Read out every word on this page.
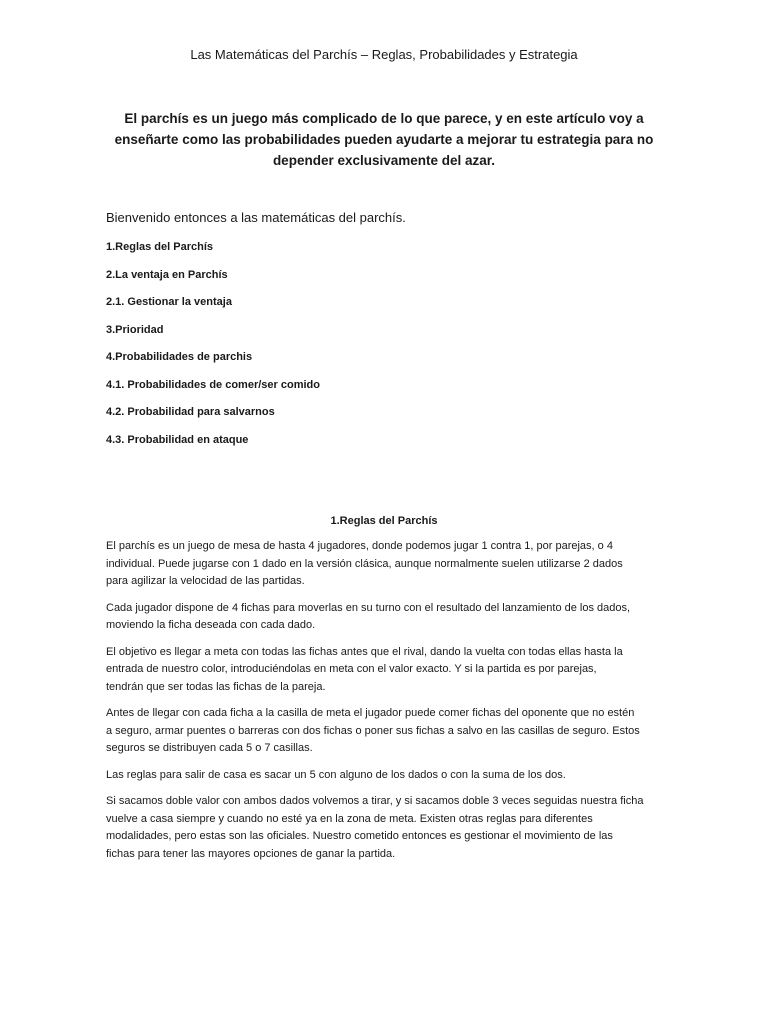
Las Matemáticas del Parchís – Reglas, Probabilidades y Estrategia
El parchís es un juego más complicado de lo que parece, y en este artículo voy a
enseñarte como las probabilidades pueden ayudarte a mejorar tu estrategia para no
depender exclusivamente del azar.
Bienvenido entonces a las matemáticas del parchís.
1.Reglas del Parchís
2.La ventaja en Parchís
2.1. Gestionar la ventaja
3.Prioridad
4.Probabilidades de parchis
4.1. Probabilidades de comer/ser comido
4.2. Probabilidad para salvarnos
4.3. Probabilidad en ataque
1.Reglas del Parchís

El parchís es un juego de mesa de hasta 4 jugadores, donde podemos jugar 1 contra 1, por parejas, o 4
individual. Puede jugarse con 1 dado en la versión clásica, aunque normalmente suelen utilizarse 2 dados
para agilizar la velocidad de las partidas.

Cada jugador dispone de 4 fichas para moverlas en su turno con el resultado del lanzamiento de los dados,
moviendo la ficha deseada con cada dado.

El objetivo es llegar a meta con todas las fichas antes que el rival, dando la vuelta con todas ellas hasta la
entrada de nuestro color, introduciéndolas en meta con el valor exacto. Y si la partida es por parejas,
tendrán que ser todas las fichas de la pareja.

Antes de llegar con cada ficha a la casilla de meta el jugador puede comer fichas del oponente que no estén
a seguro, armar puentes o barreras con dos fichas o poner sus fichas a salvo en las casillas de seguro. Estos
seguros se distribuyen cada 5 o 7 casillas.

Las reglas para salir de casa es sacar un 5 con alguno de los dados o con la suma de los dos.

Si sacamos doble valor con ambos dados volvemos a tirar, y si sacamos doble 3 veces seguidas nuestra ficha
vuelve a casa siempre y cuando no esté ya en la zona de meta. Existen otras reglas para diferentes
modalidades, pero estas son las oficiales. Nuestro cometido entonces es gestionar el movimiento de las
fichas para tener las mayores opciones de ganar la partida.
